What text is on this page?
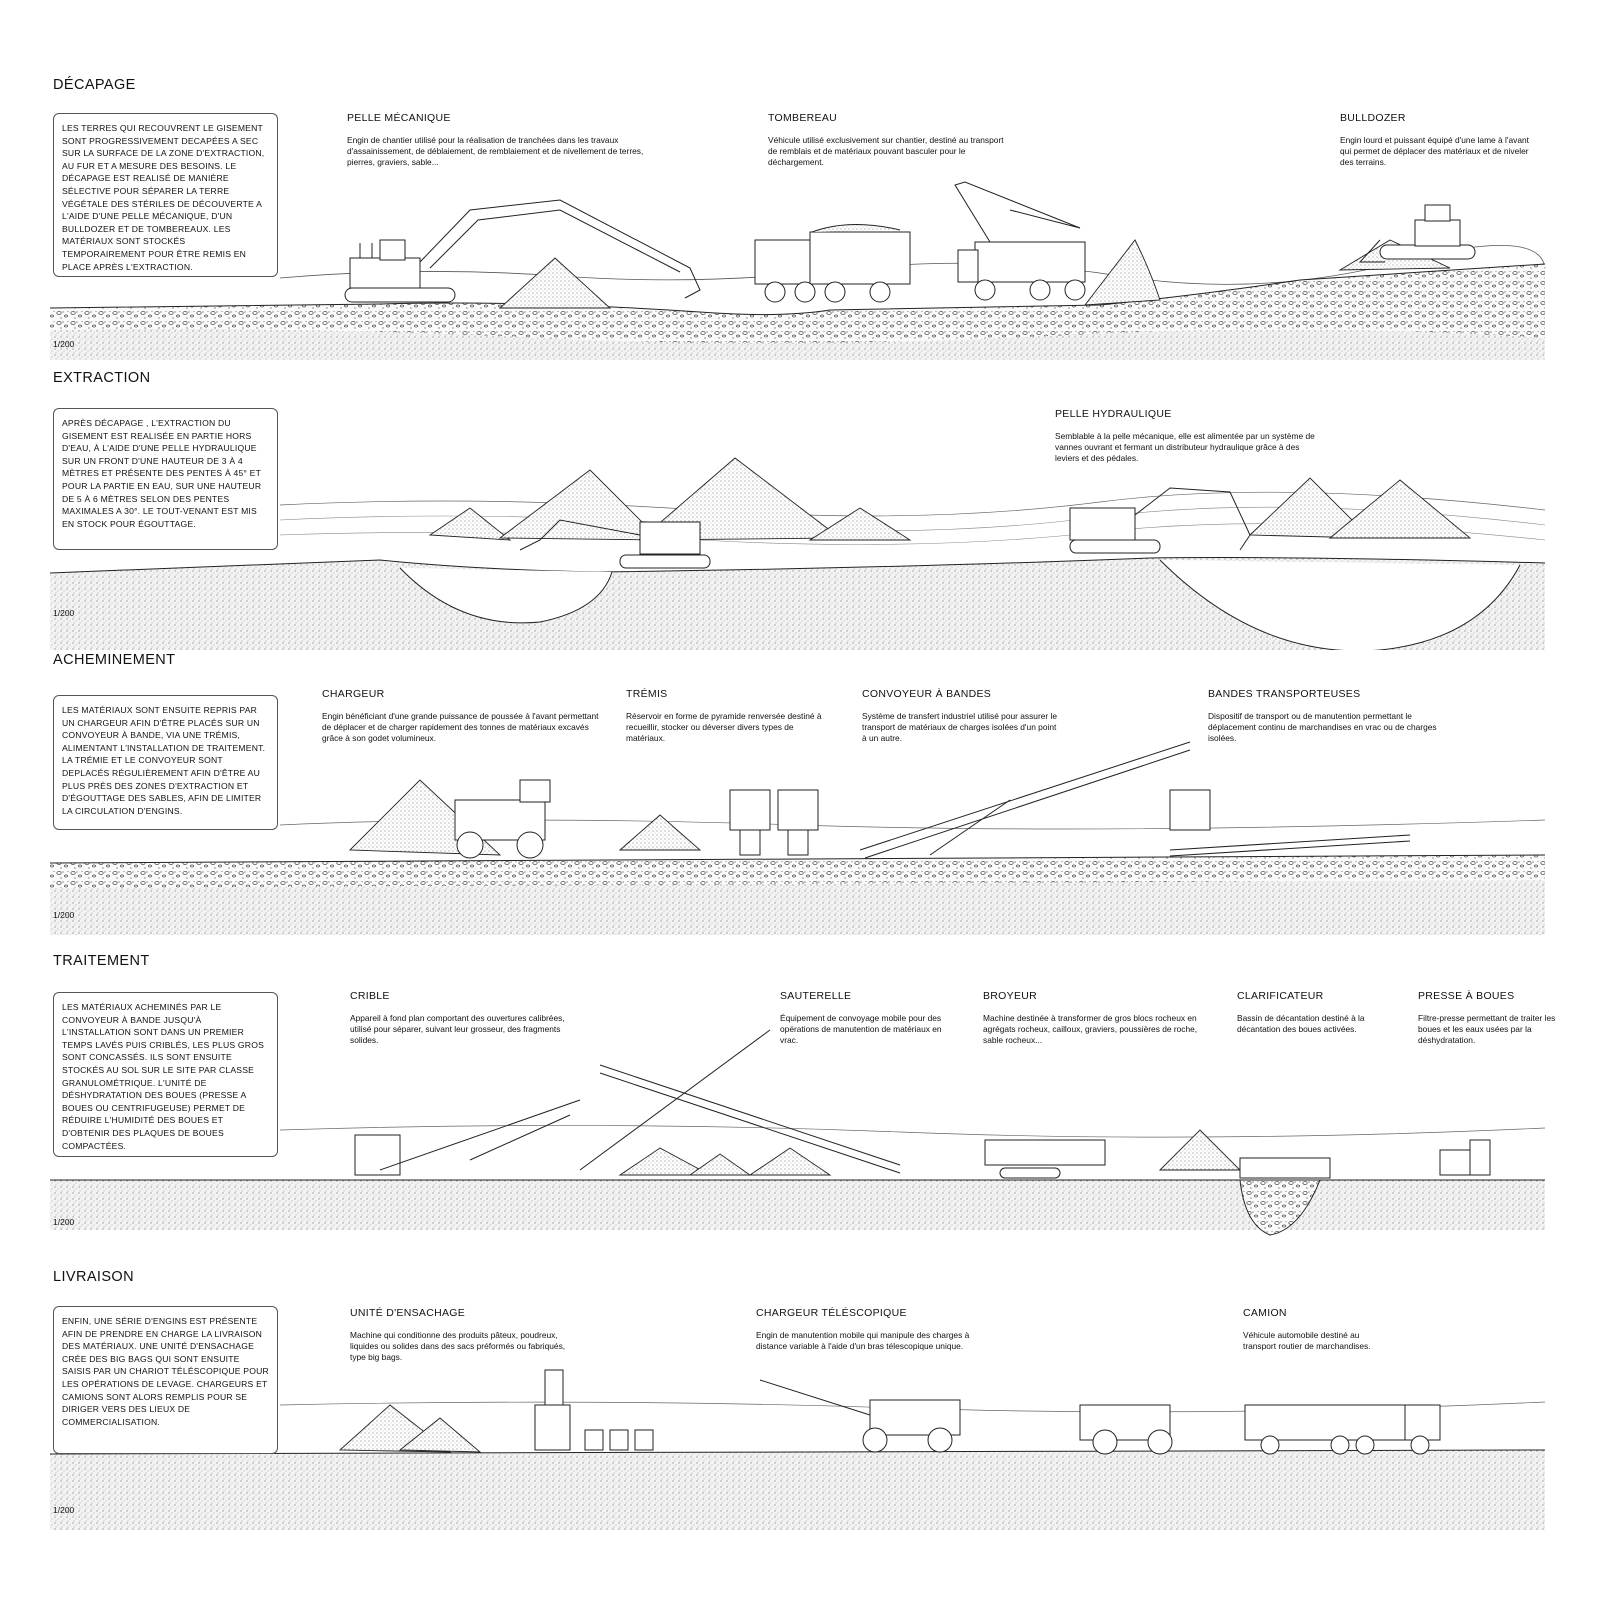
DÉCAPAGE
LES TERRES QUI RECOUVRENT LE GISEMENT SONT PROGRESSIVEMENT DECAPÉES A SEC SUR LA SURFACE DE LA ZONE D'EXTRACTION, AU FUR ET A MESURE DES BESOINS. LE DÉCAPAGE EST REALISÉ DE MANIÈRE SÉLECTIVE POUR SÉPARER LA TERRE VÉGÉTALE DES STÉRILES DE DÉCOUVERTE A L'AIDE D'UNE PELLE MÉCANIQUE, D'UN BULLDOZER ET DE TOMBEREAUX. LES MATÉRIAUX SONT STOCKÉS TEMPORAIREMENT POUR ÊTRE REMIS EN PLACE APRÈS L'EXTRACTION.
PELLE MÉCANIQUE
Engin de chantier utilisé pour la réalisation de tranchées dans les travaux d'assainissement, de déblaiement, de remblaiement et de nivellement de terres, pierres, graviers, sable...
TOMBEREAU
Véhicule utilisé exclusivement sur chantier, destiné au transport de remblais et de matériaux pouvant basculer pour le déchargement.
BULLDOZER
Engin lourd et puissant équipé d'une lame à l'avant qui permet de déplacer des matériaux et de niveler des terrains.
1/200
EXTRACTION
APRÈS DÉCAPAGE , L'EXTRACTION DU GISEMENT EST REALISÉE EN PARTIE HORS D'EAU, À L'AIDE D'UNE PELLE HYDRAULIQUE SUR UN FRONT D'UNE HAUTEUR DE 3 À 4 MÈTRES ET PRÉSENTE DES PENTES À 45° ET POUR LA PARTIE EN EAU, SUR UNE HAUTEUR DE 5 À 6 MÈTRES SELON DES PENTES MAXIMALES A 30°. LE TOUT-VENANT EST MIS EN STOCK POUR ÉGOUTTAGE.
PELLE HYDRAULIQUE
Semblable à la pelle mécanique, elle est alimentée par un système de vannes ouvrant et fermant un distributeur hydraulique grâce à des leviers et des pédales.
1/200
ACHEMINEMENT
LES MATÉRIAUX SONT ENSUITE REPRIS PAR UN CHARGEUR AFIN D'ÊTRE PLACÉS SUR UN CONVOYEUR À BANDE, VIA UNE TRÉMIS, ALIMENTANT L'INSTALLATION DE TRAITEMENT. LA TRÉMIE ET LE CONVOYEUR SONT DEPLACÉS RÉGULIÈREMENT AFIN D'ÊTRE AU PLUS PRÈS DES ZONES D'EXTRACTION ET D'ÉGOUTTAGE DES SABLES, AFIN DE LIMITER LA CIRCULATION D'ENGINS.
CHARGEUR
Engin bénéficiant d'une grande puissance de poussée à l'avant permettant de déplacer et de charger rapidement des tonnes de matériaux excavés grâce à son godet volumineux.
TRÉMIS
Réservoir en forme de pyramide renversée destiné à recueillir, stocker ou déverser divers types de matériaux.
CONVOYEUR À BANDES
Système de transfert industriel utilisé pour assurer le transport de matériaux de charges isolées d'un point à un autre.
BANDES TRANSPORTEUSES
Dispositif de transport ou de manutention permettant le déplacement continu de marchandises en vrac ou de charges isolées.
1/200
TRAITEMENT
LES MATÉRIAUX ACHEMINÉS PAR LE CONVOYEUR À BANDE JUSQU'À L'INSTALLATION SONT DANS UN PREMIER TEMPS LAVÉS PUIS CRIBLÉS, LES PLUS GROS SONT CONCASSÉS. ILS SONT ENSUITE STOCKÉS AU SOL SUR LE SITE PAR CLASSE GRANULOMÉTRIQUE. L'UNITÉ DE DÉSHYDRATATION DES BOUES (PRESSE A BOUES OU CENTRIFUGEUSE) PERMET DE RÉDUIRE L'HUMIDITÉ DES BOUES ET D'OBTENIR DES PLAQUES DE BOUES COMPACTÉES.
CRIBLE
Appareil à fond plan comportant des ouvertures calibrées, utilisé pour séparer, suivant leur grosseur, des fragments solides.
SAUTERELLE
Équipement de convoyage mobile pour des opérations de manutention de matériaux en vrac.
BROYEUR
Machine destinée à transformer de gros blocs rocheux en agrégats rocheux, cailloux, graviers, poussières de roche, sable rocheux...
CLARIFICATEUR
Bassin de décantation destiné à la décantation des boues activées.
PRESSE À BOUES
Filtre-presse permettant de traiter les boues et les eaux usées par la déshydratation.
1/200
LIVRAISON
ENFIN, UNE SÉRIE D'ENGINS EST PRÉSENTE AFIN DE PRENDRE EN CHARGE LA LIVRAISON DES MATÉRIAUX. UNE UNITÉ D'ENSACHAGE CRÉE DES BIG BAGS QUI SONT ENSUITE SAISIS PAR UN CHARIOT TÉLÉSCOPIQUE POUR LES OPÉRATIONS DE LEVAGE. CHARGEURS ET CAMIONS SONT ALORS REMPLIS POUR SE DIRIGER VERS DES LIEUX DE COMMERCIALISATION.
UNITÉ D'ENSACHAGE
Machine qui conditionne des produits pâteux, poudreux, liquides ou solides dans des sacs préformés ou fabriqués, type big bags.
CHARGEUR TÉLÉSCOPIQUE
Engin de manutention mobile qui manipule des charges à distance variable à l'aide d'un bras télescopique unique.
CAMION
Véhicule automobile destiné au transport routier de marchandises.
1/200
